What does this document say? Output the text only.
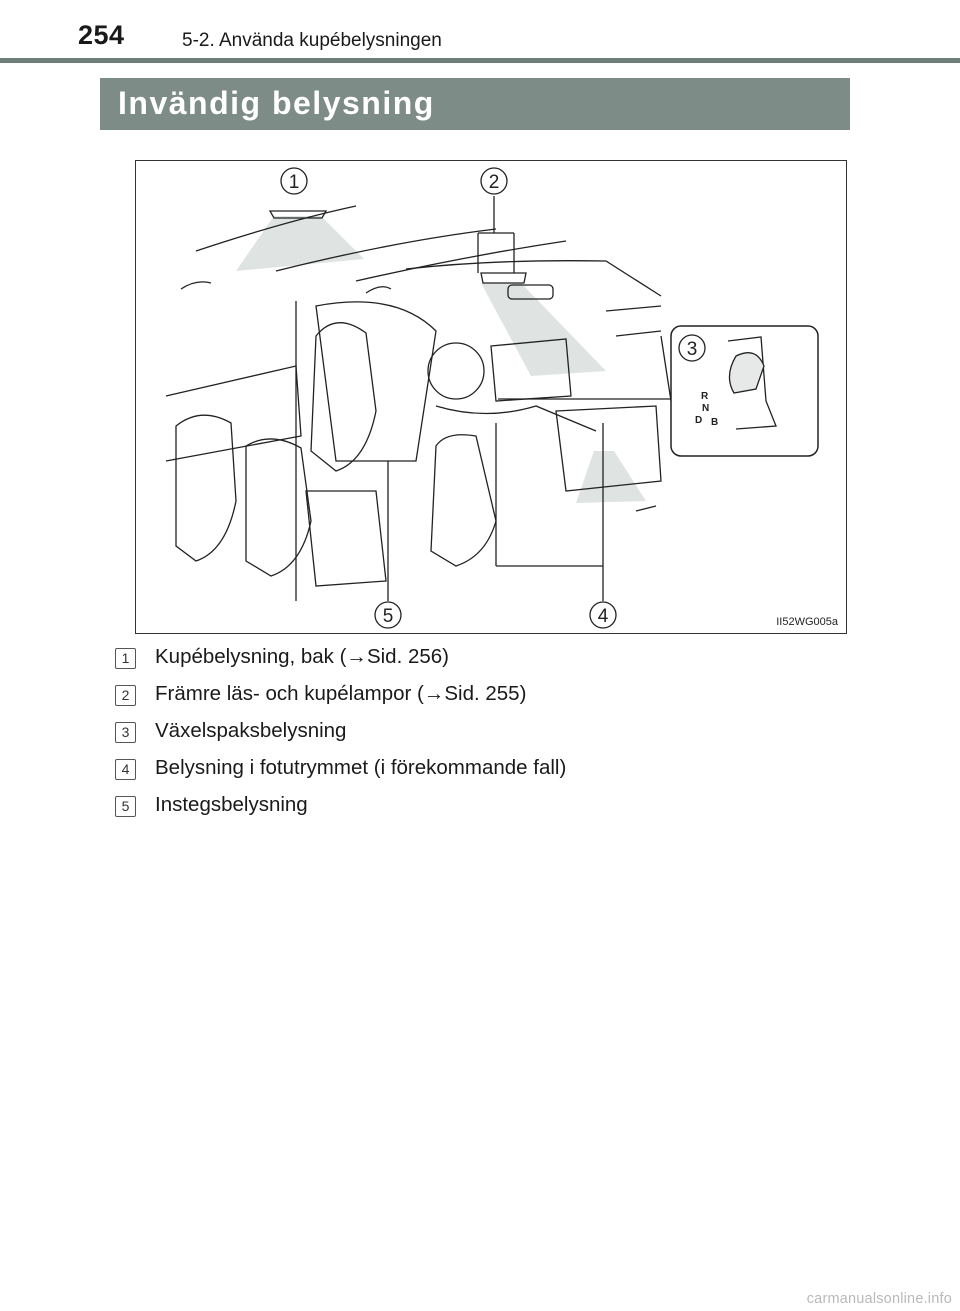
254	5-2. Använda kupébelysningen
Invändig belysning
1	2
5	4
3
R
N
D B
II52WG005a
1	Kupébelysning, bak (→Sid. 256)
2	Främre läs- och kupélampor (→Sid. 255)
3	Växelspaksbelysning
4	Belysning i fotutrymmet (i förekommande fall)
5	Instegsbelysning
carmanualsonline.info
